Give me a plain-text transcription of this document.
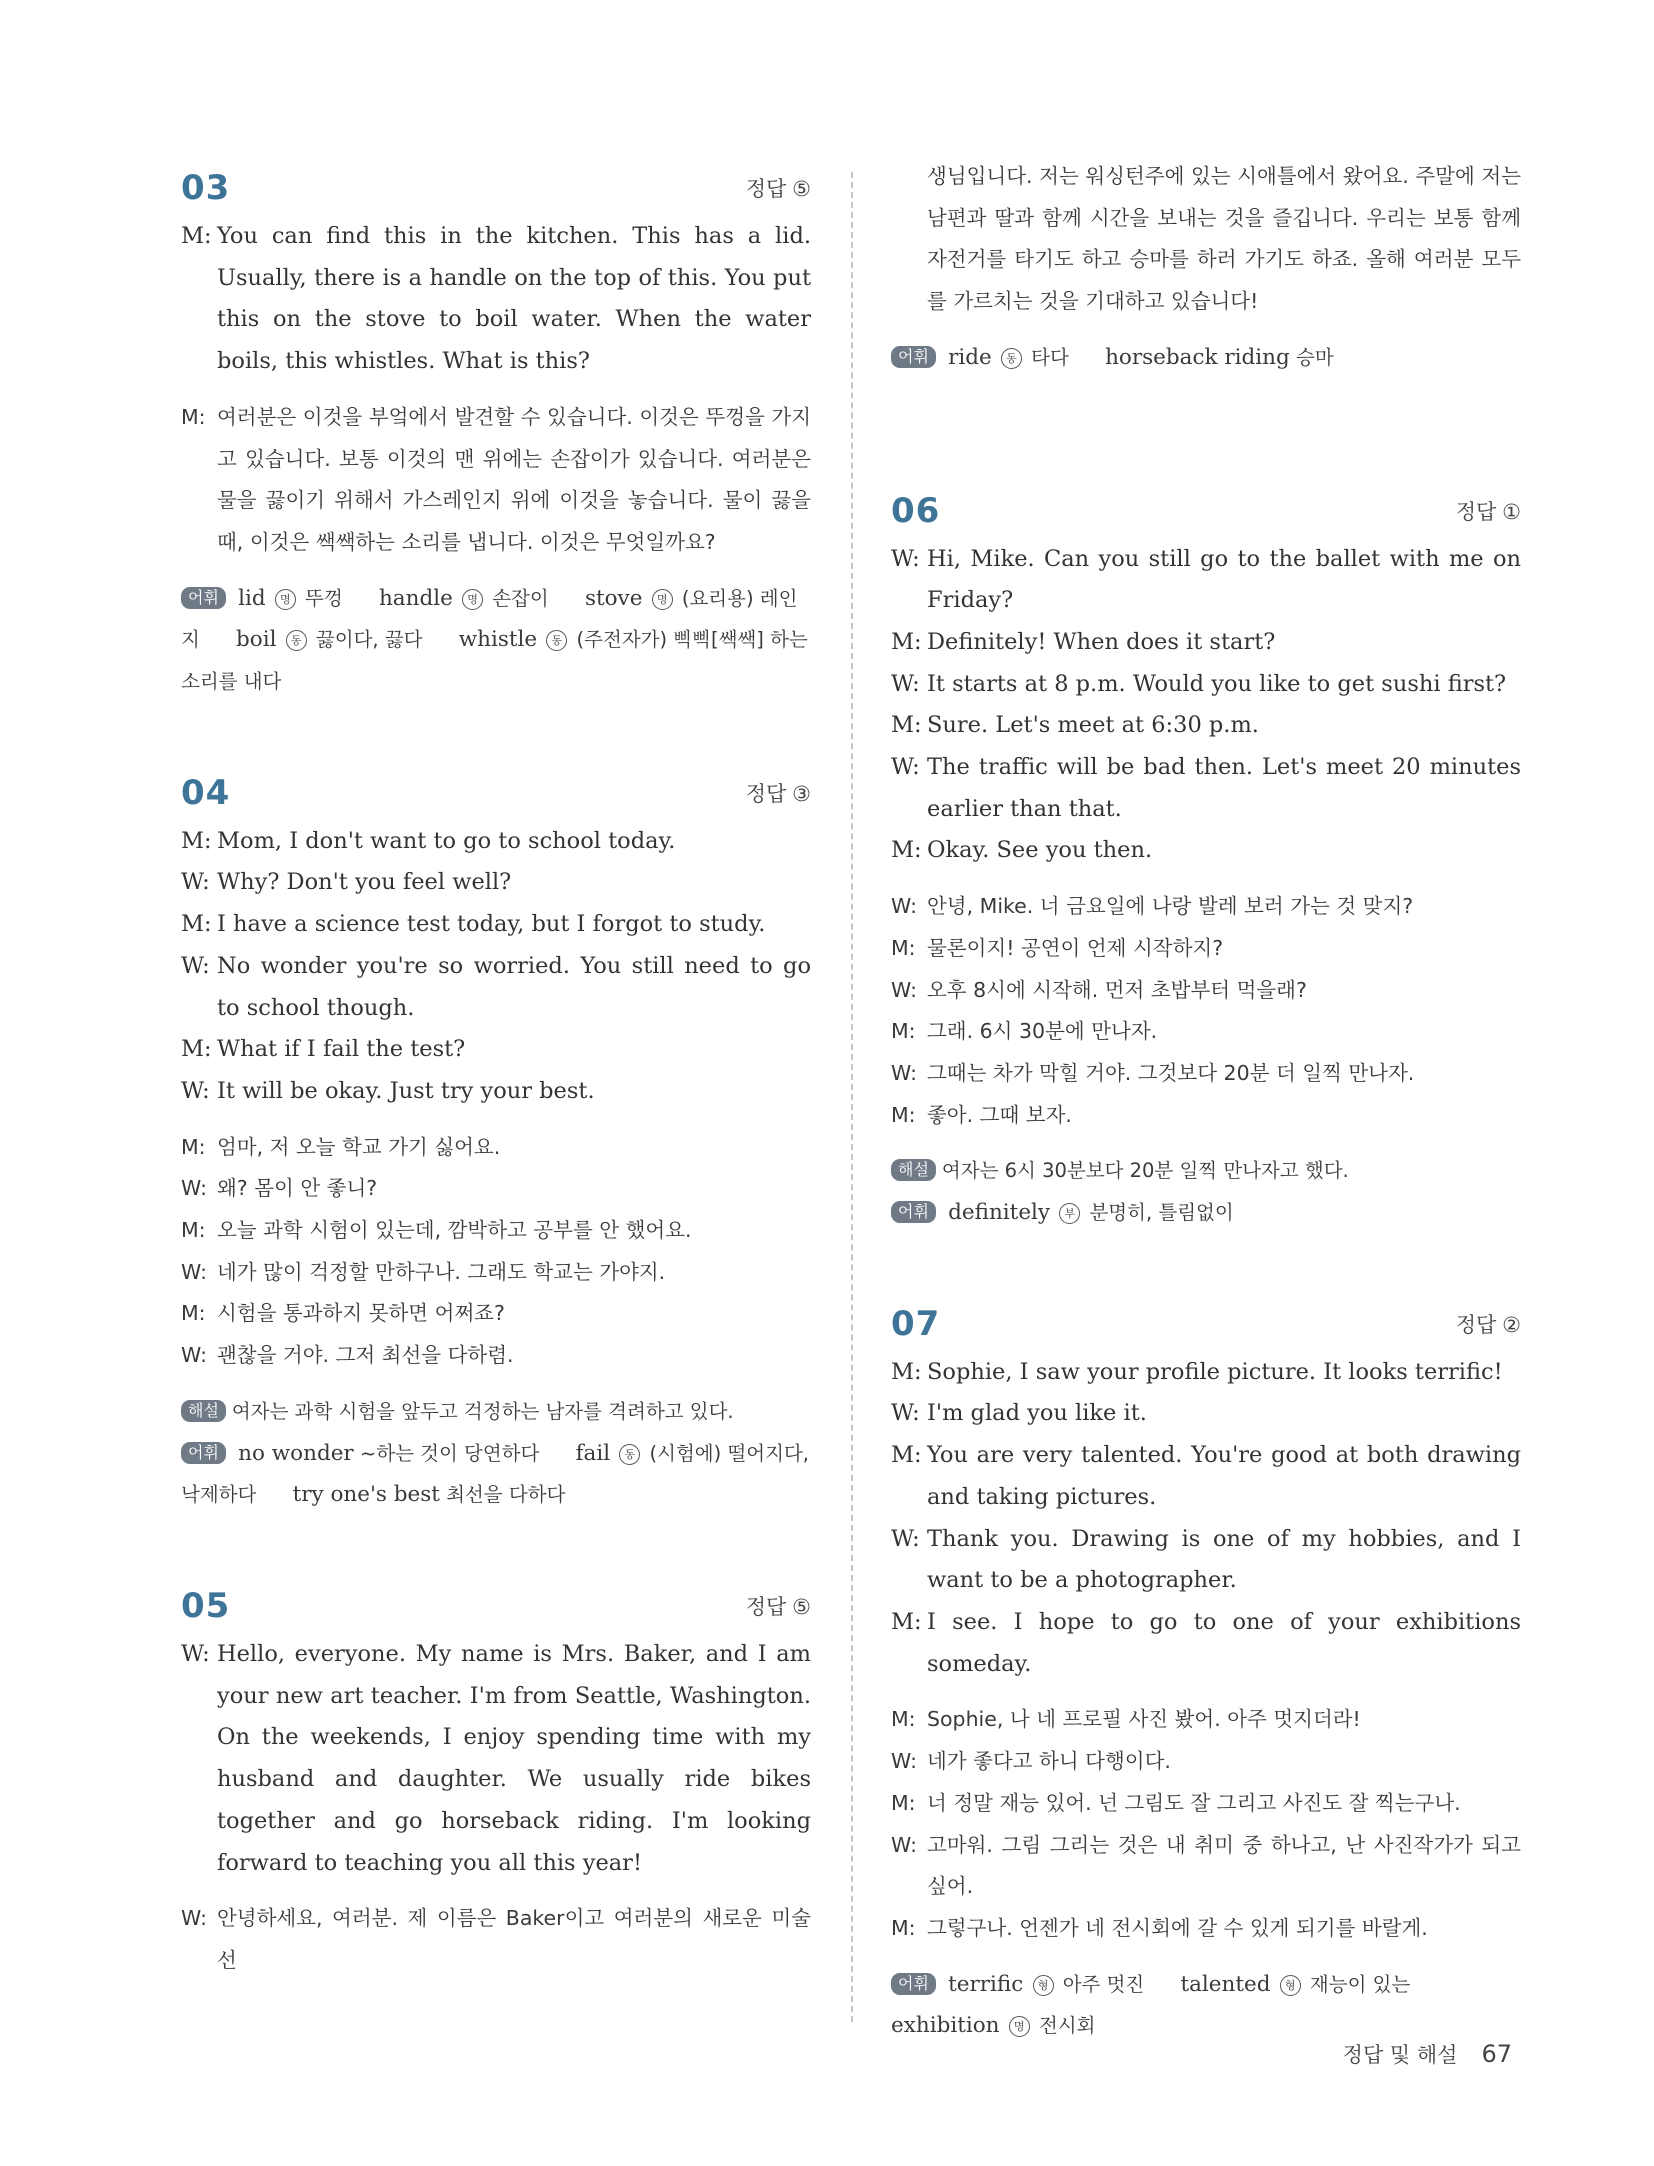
03	정답 ⑤
M: You can find this in the kitchen. This has a lid. Usually, there is a handle on the top of this. You put this on the stove to boil water. When the water boils, this whistles. What is this?
M: 여러분은 이것을 부엌에서 발견할 수 있습니다. 이것은 뚜껑을 가지고 있습니다. 보통 이것의 맨 위에는 손잡이가 있습니다. 여러분은 물을 끓이기 위해서 가스레인지 위에 이것을 놓습니다. 물이 끓을 때, 이것은 쌕쌕하는 소리를 냅니다. 이것은 무엇일까요?
어휘 lid 명 뚜껑 handle 명 손잡이 stove 명 (요리용) 레인지 boil 동 끓이다, 끓다 whistle 동 (주전자가) 삑삑[쌕쌕] 하는 소리를 내다
04	정답 ③
M: Mom, I don't want to go to school today.
W: Why? Don't you feel well?
M: I have a science test today, but I forgot to study.
W: No wonder you're so worried. You still need to go to school though.
M: What if I fail the test?
W: It will be okay. Just try your best.
M: 엄마, 저 오늘 학교 가기 싫어요.
W: 왜? 몸이 안 좋니?
M: 오늘 과학 시험이 있는데, 깜박하고 공부를 안 했어요.
W: 네가 많이 걱정할 만하구나. 그래도 학교는 가야지.
M: 시험을 통과하지 못하면 어쩌죠?
W: 괜찮을 거야. 그저 최선을 다하렴.
해설 여자는 과학 시험을 앞두고 걱정하는 남자를 격려하고 있다.
어휘 no wonder ~하는 것이 당연하다 fail 동 (시험에) 떨어지다, 낙제하다 try one's best 최선을 다하다
05	정답 ⑤
W: Hello, everyone. My name is Mrs. Baker, and I am your new art teacher. I'm from Seattle, Washington. On the weekends, I enjoy spending time with my husband and daughter. We usually ride bikes together and go horseback riding. I'm looking forward to teaching you all this year!
W: 안녕하세요, 여러분. 제 이름은 Baker이고 여러분의 새로운 미술 선
생님입니다. 저는 워싱턴주에 있는 시애틀에서 왔어요. 주말에 저는 남편과 딸과 함께 시간을 보내는 것을 즐깁니다. 우리는 보통 함께 자전거를 타기도 하고 승마를 하러 가기도 하죠. 올해 여러분 모두를 가르치는 것을 기대하고 있습니다!
어휘 ride 동 타다 horseback riding 승마
06	정답 ①
W: Hi, Mike. Can you still go to the ballet with me on Friday?
M: Definitely! When does it start?
W: It starts at 8 p.m. Would you like to get sushi first?
M: Sure. Let's meet at 6:30 p.m.
W: The traffic will be bad then. Let's meet 20 minutes earlier than that.
M: Okay. See you then.
W: 안녕, Mike. 너 금요일에 나랑 발레 보러 가는 것 맞지?
M: 물론이지! 공연이 언제 시작하지?
W: 오후 8시에 시작해. 먼저 초밥부터 먹을래?
M: 그래. 6시 30분에 만나자.
W: 그때는 차가 막힐 거야. 그것보다 20분 더 일찍 만나자.
M: 좋아. 그때 보자.
해설 여자는 6시 30분보다 20분 일찍 만나자고 했다.
어휘 definitely 부 분명히, 틀림없이
07	정답 ②
M: Sophie, I saw your profile picture. It looks terrific!
W: I'm glad you like it.
M: You are very talented. You're good at both drawing and taking pictures.
W: Thank you. Drawing is one of my hobbies, and I want to be a photographer.
M: I see. I hope to go to one of your exhibitions someday.
M: Sophie, 나 네 프로필 사진 봤어. 아주 멋지더라!
W: 네가 좋다고 하니 다행이다.
M: 너 정말 재능 있어. 넌 그림도 잘 그리고 사진도 잘 찍는구나.
W: 고마워. 그림 그리는 것은 내 취미 중 하나고, 난 사진작가가 되고 싶어.
M: 그렇구나. 언젠가 네 전시회에 갈 수 있게 되기를 바랄게.
어휘 terrific 형 아주 멋진 talented 형 재능이 있는 exhibition 명 전시회
정답 및 해설 67
